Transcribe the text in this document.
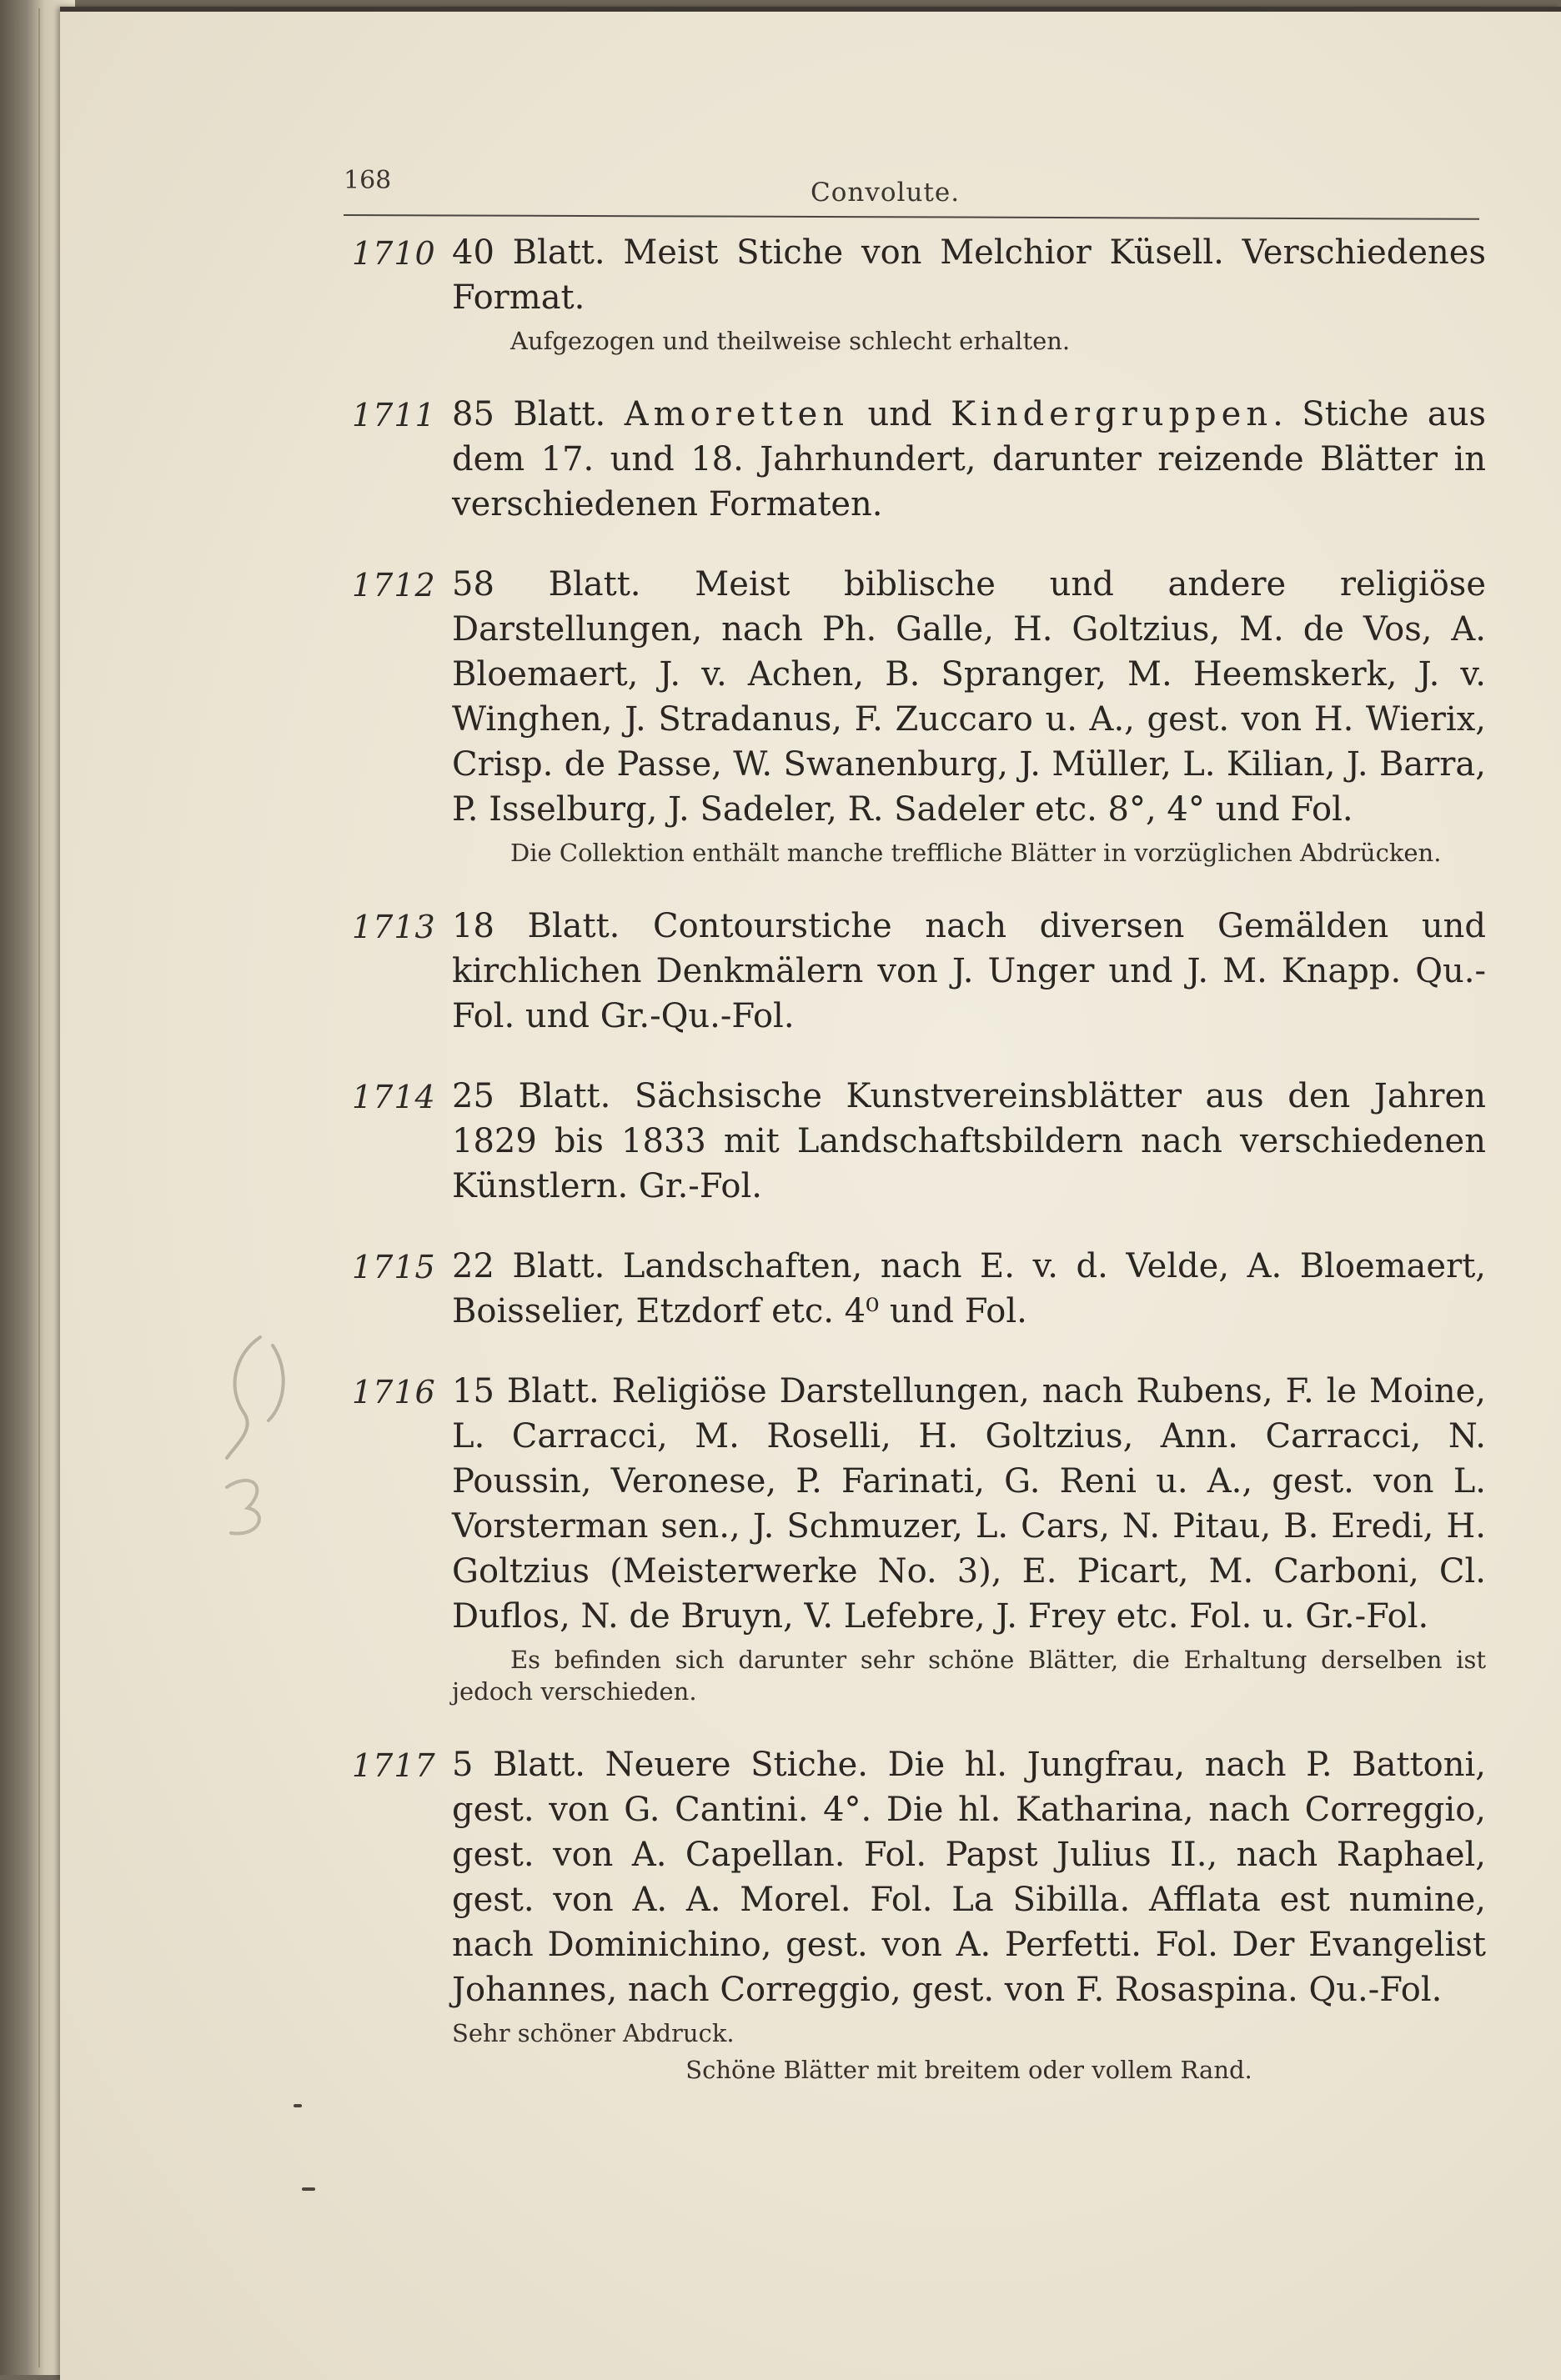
168	Convolute.
1710 40 Blatt. Meist Stiche von Melchior Küsell. Verschiedenes Format.
Aufgezogen und theilweise schlecht erhalten.
1711 85 Blatt. Amoretten und Kindergruppen. Stiche aus dem 17. und 18. Jahrhundert, darunter reizende Blätter in verschiedenen Formaten.
1712 58 Blatt. Meist biblische und andere religiöse Darstellungen, nach Ph. Galle, H. Goltzius, M. de Vos, A. Bloemaert, J. v. Achen, B. Spranger, M. Heemskerk, J. v. Winghen, J. Stradanus, F. Zuccaro u. A., gest. von H. Wierix, Crisp. de Passe, W. Swanenburg, J. Müller, L. Kilian, J. Barra, P. Isselburg, J. Sadeler, R. Sadeler etc. 8°, 4° und Fol.
Die Collektion enthält manche treffliche Blätter in vorzüglichen Abdrücken.
1713 18 Blatt. Contourstiche nach diversen Gemälden und kirchlichen Denkmälern von J. Unger und J. M. Knapp. Qu.-Fol. und Gr.-Qu.-Fol.
1714 25 Blatt. Sächsische Kunstvereinsblätter aus den Jahren 1829 bis 1833 mit Landschaftsbildern nach verschiedenen Künstlern. Gr.-Fol.
1715 22 Blatt. Landschaften, nach E. v. d. Velde, A. Bloemaert, Boisselier, Etzdorf etc. 4⁰ und Fol.
1716 15 Blatt. Religiöse Darstellungen, nach Rubens, F. le Moine, L. Carracci, M. Roselli, H. Goltzius, Ann. Carracci, N. Poussin, Veronese, P. Farinati, G. Reni u. A., gest. von L. Vorsterman sen., J. Schmuzer, L. Cars, N. Pitau, B. Eredi, H. Goltzius (Meisterwerke No. 3), E. Picart, M. Carboni, Cl. Duflos, N. de Bruyn, V. Lefebre, J. Frey etc. Fol. u. Gr.-Fol.
Es befinden sich darunter sehr schöne Blätter, die Erhaltung derselben ist jedoch verschieden.
1717 5 Blatt. Neuere Stiche. Die hl. Jungfrau, nach P. Battoni, gest. von G. Cantini. 4°. Die hl. Katharina, nach Correggio, gest. von A. Capellan. Fol. Papst Julius II., nach Raphael, gest. von A. A. Morel. Fol. La Sibilla. Afflata est numine, nach Dominichino, gest. von A. Perfetti. Fol. Der Evangelist Johannes, nach Correggio, gest. von F. Rosaspina. Qu.-Fol.
Sehr schöner Abdruck.
Schöne Blätter mit breitem oder vollem Rand.
